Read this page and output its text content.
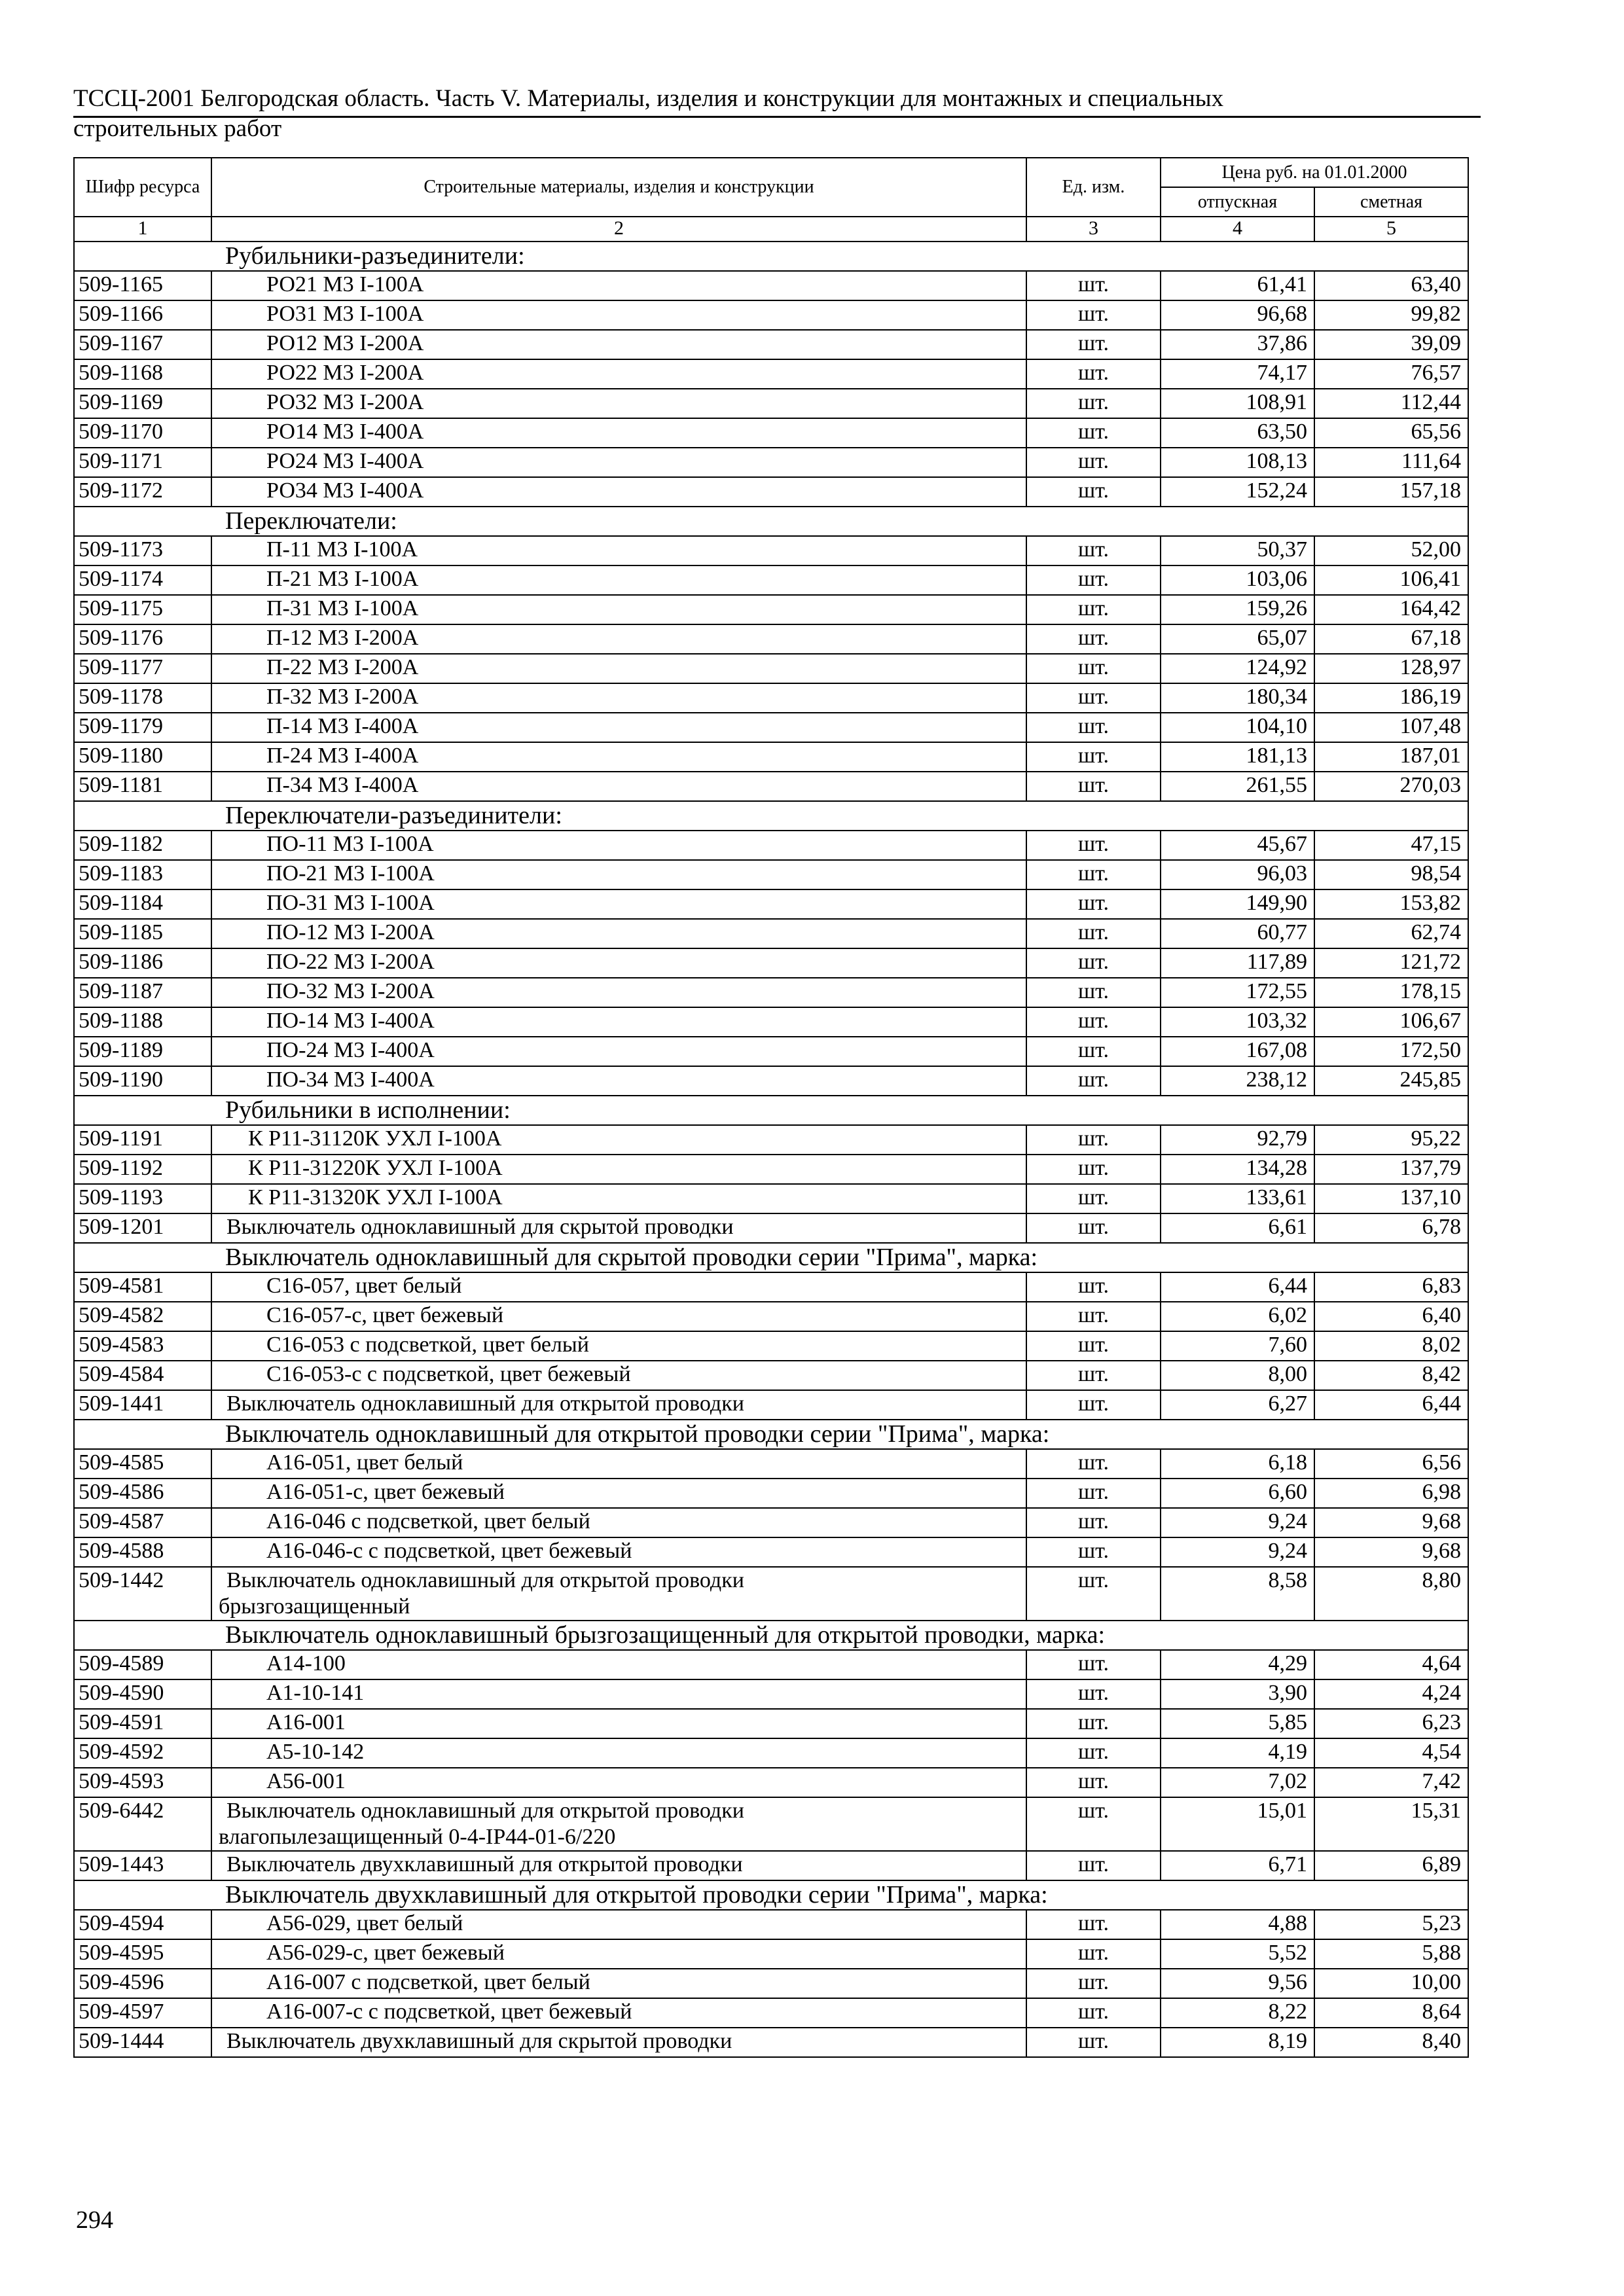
ТССЦ-2001 Белгородская область. Часть V. Материалы, изделия и конструкции для монтажных и специальных
строительных работ
Шифр ресурса	Строительные материалы, изделия и конструкции	Ед. изм.	Цена руб. на 01.01.2000	
			отпускная	сметная
1	2	3	4	5
Рубильники-разъединители:				
509-1165	РО21 М3 I-100А	шт.	61,41	63,40
509-1166	РО31 М3 I-100А	шт.	96,68	99,82
509-1167	РО12 М3 I-200А	шт.	37,86	39,09
509-1168	РО22 М3 I-200А	шт.	74,17	76,57
509-1169	РО32 М3 I-200А	шт.	108,91	112,44
509-1170	РО14 М3 I-400А	шт.	63,50	65,56
509-1171	РО24 М3 I-400А	шт.	108,13	111,64
509-1172	РО34 М3 I-400А	шт.	152,24	157,18
Переключатели:				
509-1173	П-11 М3 I-100А	шт.	50,37	52,00
509-1174	П-21 М3 I-100А	шт.	103,06	106,41
509-1175	П-31 М3 I-100А	шт.	159,26	164,42
509-1176	П-12 М3 I-200А	шт.	65,07	67,18
509-1177	П-22 М3 I-200А	шт.	124,92	128,97
509-1178	П-32 М3 I-200А	шт.	180,34	186,19
509-1179	П-14 М3 I-400А	шт.	104,10	107,48
509-1180	П-24 М3 I-400А	шт.	181,13	187,01
509-1181	П-34 М3 I-400А	шт.	261,55	270,03
Переключатели-разъединители:				
509-1182	ПО-11 М3 I-100А	шт.	45,67	47,15
509-1183	ПО-21 М3 I-100А	шт.	96,03	98,54
509-1184	ПО-31 М3 I-100А	шт.	149,90	153,82
509-1185	ПО-12 М3 I-200А	шт.	60,77	62,74
509-1186	ПО-22 М3 I-200А	шт.	117,89	121,72
509-1187	ПО-32 М3 I-200А	шт.	172,55	178,15
509-1188	ПО-14 М3 I-400А	шт.	103,32	106,67
509-1189	ПО-24 М3 I-400А	шт.	167,08	172,50
509-1190	ПО-34 М3 I-400А	шт.	238,12	245,85
Рубильники в исполнении:				
509-1191	К Р11-31120К УХЛ I-100А	шт.	92,79	95,22
509-1192	К Р11-31220К УХЛ I-100А	шт.	134,28	137,79
509-1193	К Р11-31320К УХЛ I-100А	шт.	133,61	137,10
509-1201	Выключатель одноклавишный для скрытой проводки	шт.	6,61	6,78
Выключатель одноклавишный для скрытой проводки серии "Прима", марка:				
509-4581	С16-057, цвет белый	шт.	6,44	6,83
509-4582	С16-057-с, цвет бежевый	шт.	6,02	6,40
509-4583	С16-053 с подсветкой, цвет белый	шт.	7,60	8,02
509-4584	С16-053-с с подсветкой, цвет бежевый	шт.	8,00	8,42
509-1441	Выключатель одноклавишный для открытой проводки	шт.	6,27	6,44
Выключатель одноклавишный для открытой проводки серии "Прима", марка:				
509-4585	А16-051, цвет белый	шт.	6,18	6,56
509-4586	А16-051-с, цвет бежевый	шт.	6,60	6,98
509-4587	А16-046 с подсветкой, цвет белый	шт.	9,24	9,68
509-4588	А16-046-с с подсветкой, цвет бежевый	шт.	9,24	9,68
509-1442	Выключатель одноклавишный для открытой проводки
брызгозащищенный	шт.	8,58	8,80
Выключатель одноклавишный брызгозащищенный для открытой проводки, марка:				
509-4589	А14-100	шт.	4,29	4,64
509-4590	А1-10-141	шт.	3,90	4,24
509-4591	А16-001	шт.	5,85	6,23
509-4592	А5-10-142	шт.	4,19	4,54
509-4593	А56-001	шт.	7,02	7,42
509-6442	Выключатель одноклавишный для открытой проводки
влагопылезащищенный 0-4-IP44-01-6/220	шт.	15,01	15,31
509-1443	Выключатель двухклавишный для открытой проводки	шт.	6,71	6,89
Выключатель двухклавишный для открытой проводки серии "Прима", марка:				
509-4594	А56-029, цвет белый	шт.	4,88	5,23
509-4595	А56-029-с, цвет бежевый	шт.	5,52	5,88
509-4596	А16-007 с подсветкой, цвет белый	шт.	9,56	10,00
509-4597	А16-007-с с подсветкой, цвет бежевый	шт.	8,22	8,64
509-1444	Выключатель двухклавишный для скрытой проводки	шт.	8,19	8,40
294
